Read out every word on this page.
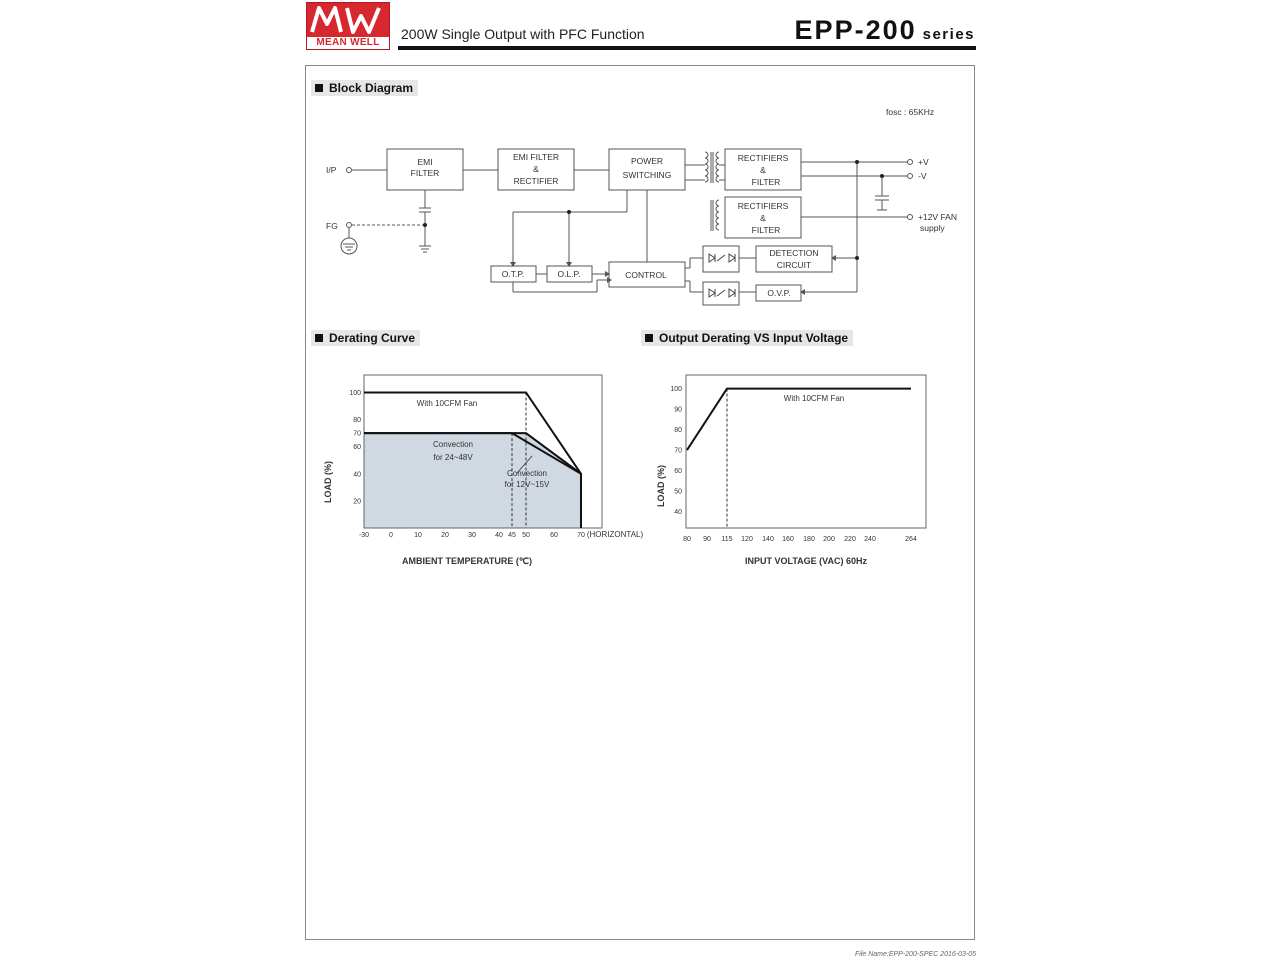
MEAN WELL
200W Single Output with PFC Function	EPP-200 series
Block Diagram
Derating Curve	Output Derating VS Input Voltage
EMI
FILTER
EMI FILTER
&
RECTIFIER
POWER
SWITCHING
RECTIFIERS
&
FILTER
RECTIFIERS
&
FILTER
O.T.P.	O.L.P.	CONTROL
DETECTION
CIRCUIT
O.V.P.
fosc : 65KHz
I/P
FG
+V
-V
+12V FAN
supply
-30	0	10	20	30	40 45 50	60	70
20
40
60
70
80
100
With 10CFM Fan
Convection
for 24~48V
Convection
for 12V~15V
(HORIZONTAL)
AMBIENT TEMPERATURE (℃)
LOAD (%)
80 90 115 120 140 160 180 200 220 240	264
40
50
60
70
80
90
100
With 10CFM Fan
INPUT VOLTAGE (VAC) 60Hz
LOAD (%)
File Name:EPP-200-SPEC 2016-03-05
